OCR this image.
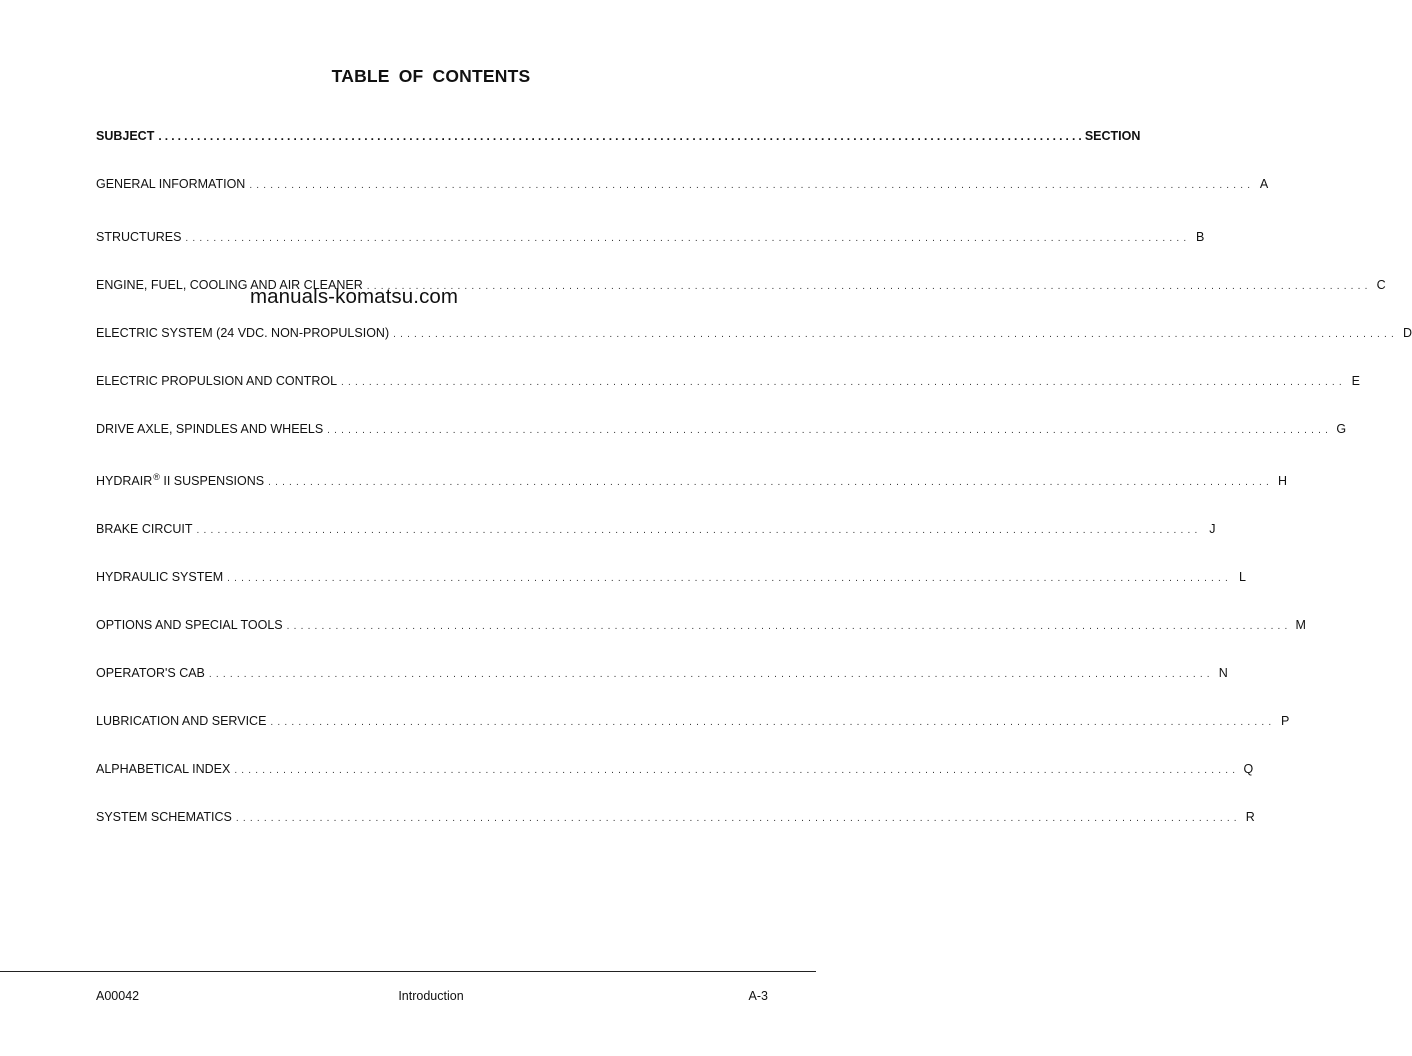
TABLE OF CONTENTS
SUBJECT ................................................................................................................................................ SECTION
GENERAL INFORMATION ................................................................................................................................................ A
STRUCTURES ................................................................................................................................................ B
ENGINE, FUEL, COOLING AND AIR CLEANER ................................................................................................................................................ C
ELECTRIC SYSTEM (24 VDC. NON-PROPULSION) ................................................................................................................................................ D
ELECTRIC PROPULSION AND CONTROL ................................................................................................................................................ E
DRIVE AXLE, SPINDLES AND WHEELS ................................................................................................................................................ G
HYDRAIR® II SUSPENSIONS ................................................................................................................................................ H
BRAKE CIRCUIT ................................................................................................................................................ J
HYDRAULIC SYSTEM ................................................................................................................................................ L
OPTIONS AND SPECIAL TOOLS ................................................................................................................................................ M
OPERATOR'S CAB ................................................................................................................................................ N
LUBRICATION AND SERVICE ................................................................................................................................................ P
ALPHABETICAL INDEX ................................................................................................................................................ Q
SYSTEM SCHEMATICS ................................................................................................................................................ R
manuals-komatsu.com
A00042	Introduction	A-3
